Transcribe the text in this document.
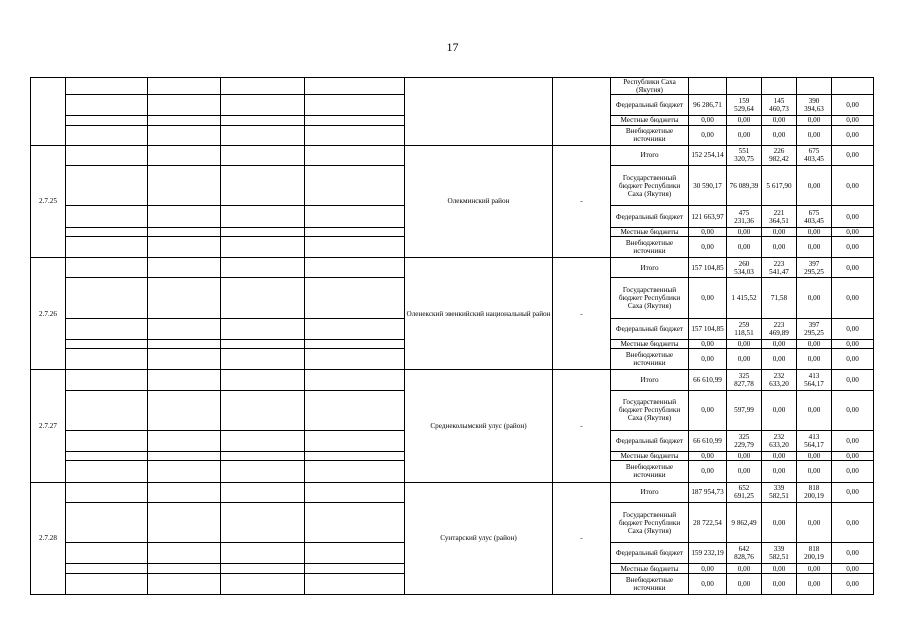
17
							Республики Саха (Якутия)					
							Федеральный бюджет	96 286,71	159 529,64	145 460,73	390 394,63	0,00
							Местные бюджеты	0,00	0,00	0,00	0,00	0,00
							Внебюджетные источники	0,00	0,00	0,00	0,00	0,00
2.7.25					Олекминский район	-	Итого	152 254,14	551 320,75	226 982,42	675 403,45	0,00
							Государственный бюджет Республики Саха (Якутия)	30 590,17	76 089,39	5 617,90	0,00	0,00
							Федеральный бюджет	121 663,97	475 231,36	221 364,51	675 403,45	0,00
							Местные бюджеты	0,00	0,00	0,00	0,00	0,00
							Внебюджетные источники	0,00	0,00	0,00	0,00	0,00
2.7.26					Оленекский эвенкийский национальный район	-	Итого	157 104,85	260 534,03	223 541,47	397 295,25	0,00
							Государственный бюджет Республики Саха (Якутия)	0,00	1 415,52	71,58	0,00	0,00
							Федеральный бюджет	157 104,85	259 118,51	223 469,89	397 295,25	0,00
							Местные бюджеты	0,00	0,00	0,00	0,00	0,00
							Внебюджетные источники	0,00	0,00	0,00	0,00	0,00
2.7.27					Среднеколымский улус (район)	-	Итого	66 610,99	325 827,78	232 633,20	413 564,17	0,00
							Государственный бюджет Республики Саха (Якутия)	0,00	597,99	0,00	0,00	0,00
							Федеральный бюджет	66 610,99	325 229,79	232 633,20	413 564,17	0,00
							Местные бюджеты	0,00	0,00	0,00	0,00	0,00
							Внебюджетные источники	0,00	0,00	0,00	0,00	0,00
2.7.28					Сунтарский улус (район)	-	Итого	187 954,73	652 691,25	339 582,51	818 200,19	0,00
							Государственный бюджет Республики Саха (Якутия)	28 722,54	9 862,49	0,00	0,00	0,00
							Федеральный бюджет	159 232,19	642 828,76	339 582,51	818 200,19	0,00
							Местные бюджеты	0,00	0,00	0,00	0,00	0,00
							Внебюджетные источники	0,00	0,00	0,00	0,00	0,00
